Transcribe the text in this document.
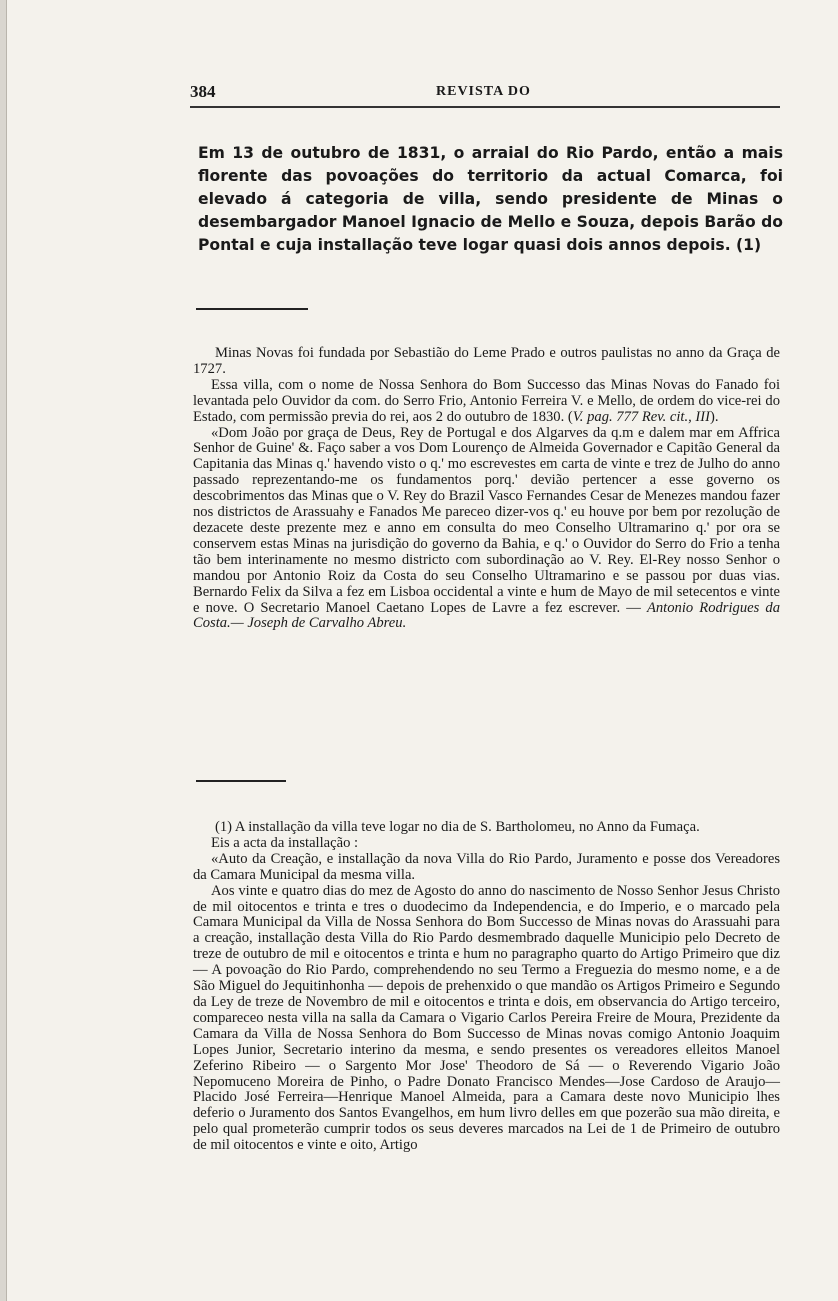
384	REVISTA DO
Em 13 de outubro de 1831, o arraial do Rio Pardo, então a mais florente das povoações do territorio da actual Comarca, foi elevado á categoria de villa, sendo presidente de Minas o desembargador Manoel Ignacio de Mello e Souza, depois Barão do Pontal e cuja installação teve logar quasi dois annos depois. (1)

Minas Novas foi fundada por Sebastião do Leme Prado e outros paulistas no anno da Graça de 1727.

Essa villa, com o nome de Nossa Senhora do Bom Successo das Minas Novas do Fanado foi levantada pelo Ouvidor da com. do Serro Frio, Antonio Ferreira V. e Mello, de ordem do vice-rei do Estado, com permissão previa do rei, aos 2 do outubro de 1830. (V. pag. 777 Rev. cit., III).

«Dom João por graça de Deus, Rey de Portugal e dos Algarves da q.m e dalem mar em Affrica Senhor de Guine' &. Faço saber a vos Dom Lourenço de Almeida Governador e Capitão General da Capitania das Minas q.' havendo visto o q.' mo escrevestes em carta de vinte e trez de Julho do anno passado reprezentando-me os fundamentos porq.' devião pertencer a esse governo os descobrimentos das Minas que o V. Rey do Brazil Vasco Fernandes Cesar de Menezes mandou fazer nos districtos de Arassuahy e Fanados Me pareceo dizer-vos q.' eu houve por bem por rezolução de dezacete deste prezente mez e anno em consulta do meo Conselho Ultramarino q.' por ora se conservem estas Minas na jurisdição do governo da Bahia, e q.' o Ouvidor do Serro do Frio a tenha tão bem interinamente no mesmo districto com subordinação ao V. Rey. El-Rey nosso Senhor o mandou por Antonio Roiz da Costa do seu Conselho Ultramarino e se passou por duas vias. Bernardo Felix da Silva a fez em Lisboa occidental a vinte e hum de Mayo de mil setecentos e vinte e nove. O Secretario Manoel Caetano Lopes de Lavre a fez escrever. — Antonio Rodrigues da Costa.— Joseph de Carvalho Abreu.

(1) A installação da villa teve logar no dia de S. Bartholomeu, no Anno da Fumaça.

Eis a acta da installação :

«Auto da Creação, e installação da nova Villa do Rio Pardo, Juramento e posse dos Vereadores da Camara Municipal da mesma villa.

Aos vinte e quatro dias do mez de Agosto do anno do nascimento de Nosso Senhor Jesus Christo de mil oitocentos e trinta e tres o duodecimo da Independencia, e do Imperio, e o marcado pela Camara Municipal da Villa de Nossa Senhora do Bom Successo de Minas novas do Arassuahi para a creação, installação desta Villa do Rio Pardo desmembrado daquelle Municipio pelo Decreto de treze de outubro de mil e oitocentos e trinta e hum no paragrapho quarto do Artigo Primeiro que diz — A povoação do Rio Pardo, comprehendendo no seu Termo a Freguezia do mesmo nome, e a de São Miguel do Jequitinhonha — depois de prehenxido o que mandão os Artigos Primeiro e Segundo da Ley de treze de Novembro de mil e oitocentos e trinta e dois, em observancia do Artigo terceiro, compareceo nesta villa na salla da Camara o Vigario Carlos Pereira Freire de Moura, Prezidente da Camara da Villa de Nossa Senhora do Bom Successo de Minas novas comigo Antonio Joaquim Lopes Junior, Secretario interino da mesma, e sendo presentes os vereadores elleitos Manoel Zeferino Ribeiro — o Sargento Mor Jose' Theodoro de Sá — o Reverendo Vigario João Nepomuceno Moreira de Pinho, o Padre Donato Francisco Mendes—Jose Cardoso de Araujo—Placido José Ferreira—Henrique Manoel Almeida, para a Camara deste novo Municipio lhes deferio o Juramento dos Santos Evangelhos, em hum livro delles em que pozerão sua mão direita, e pelo qual prometerão cumprir todos os seus deveres marcados na Lei de 1 de Primeiro de outubro de mil oitocentos e vinte e oito, Artigo
